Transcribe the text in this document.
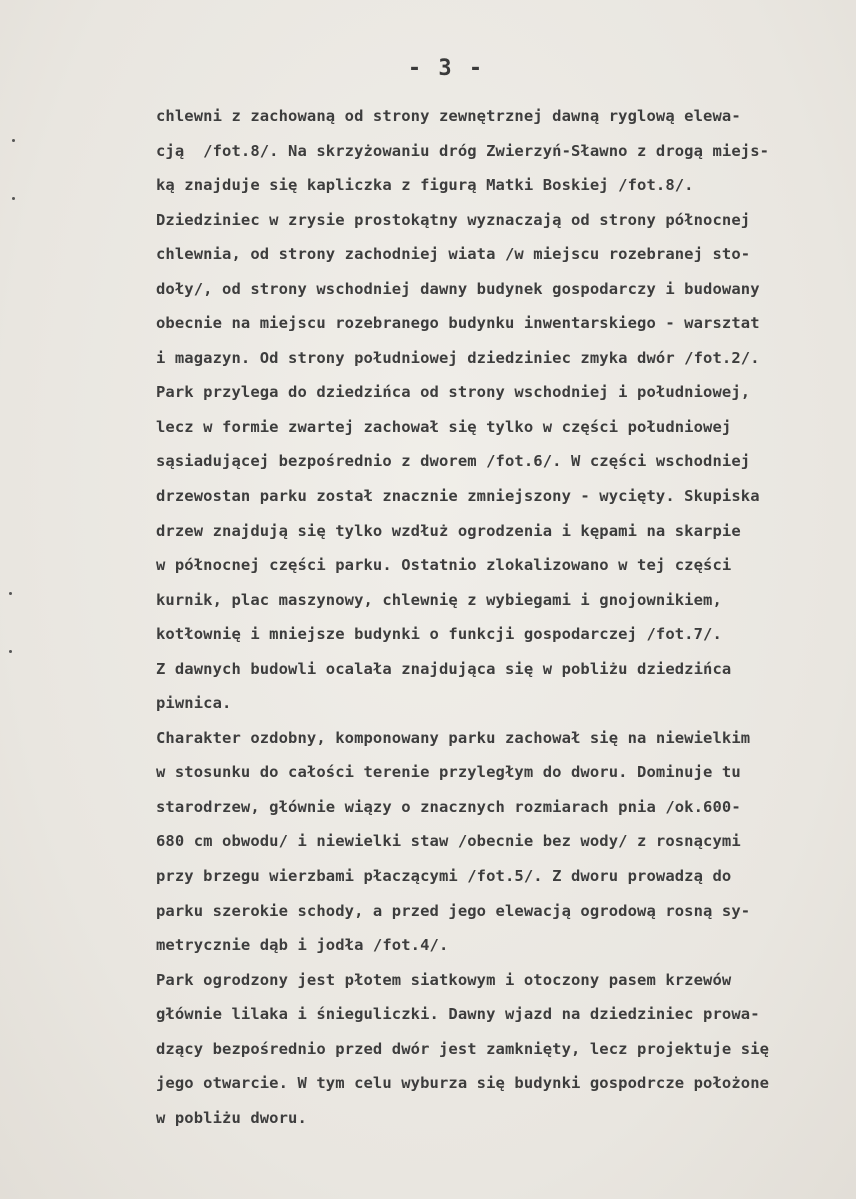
- 3 -
chlewni z zachowaną od strony zewnętrznej dawną ryglową elewa-
cją  /fot.8/. Na skrzyżowaniu dróg Zwierzyń-Sławno z drogą miejs-
ką znajduje się kapliczka z figurą Matki Boskiej /fot.8/.
Dziedziniec w zrysie prostokątny wyznaczają od strony północnej
chlewnia, od strony zachodniej wiata /w miejscu rozebranej sto-
doły/, od strony wschodniej dawny budynek gospodarczy i budowany
obecnie na miejscu rozebranego budynku inwentarskiego - warsztat
i magazyn. Od strony południowej dziedziniec zmyka dwór /fot.2/.
Park przylega do dziedzińca od strony wschodniej i południowej,
lecz w formie zwartej zachował się tylko w części południowej
sąsiadującej bezpośrednio z dworem /fot.6/. W części wschodniej
drzewostan parku został znacznie zmniejszony - wycięty. Skupiska
drzew znajdują się tylko wzdłuż ogrodzenia i kępami na skarpie
w północnej części parku. Ostatnio zlokalizowano w tej części
kurnik, plac maszynowy, chlewnię z wybiegami i gnojownikiem,
kotłownię i mniejsze budynki o funkcji gospodarczej /fot.7/.
Z dawnych budowli ocalała znajdująca się w pobliżu dziedzińca
piwnica.
Charakter ozdobny, komponowany parku zachował się na niewielkim
w stosunku do całości terenie przyległym do dworu. Dominuje tu
starodrzew, głównie wiązy o znacznych rozmiarach pnia /ok.600-
680 cm obwodu/ i niewielki staw /obecnie bez wody/ z rosnącymi
przy brzegu wierzbami płaczącymi /fot.5/. Z dworu prowadzą do
parku szerokie schody, a przed jego elewacją ogrodową rosną sy-
metrycznie dąb i jodła /fot.4/.
Park ogrodzony jest płotem siatkowym i otoczony pasem krzewów
głównie lilaka i śnieguliczki. Dawny wjazd na dziedziniec prowa-
dzący bezpośrednio przed dwór jest zamknięty, lecz projektuje się
jego otwarcie. W tym celu wyburza się budynki gospodrcze położone
w pobliżu dworu.
